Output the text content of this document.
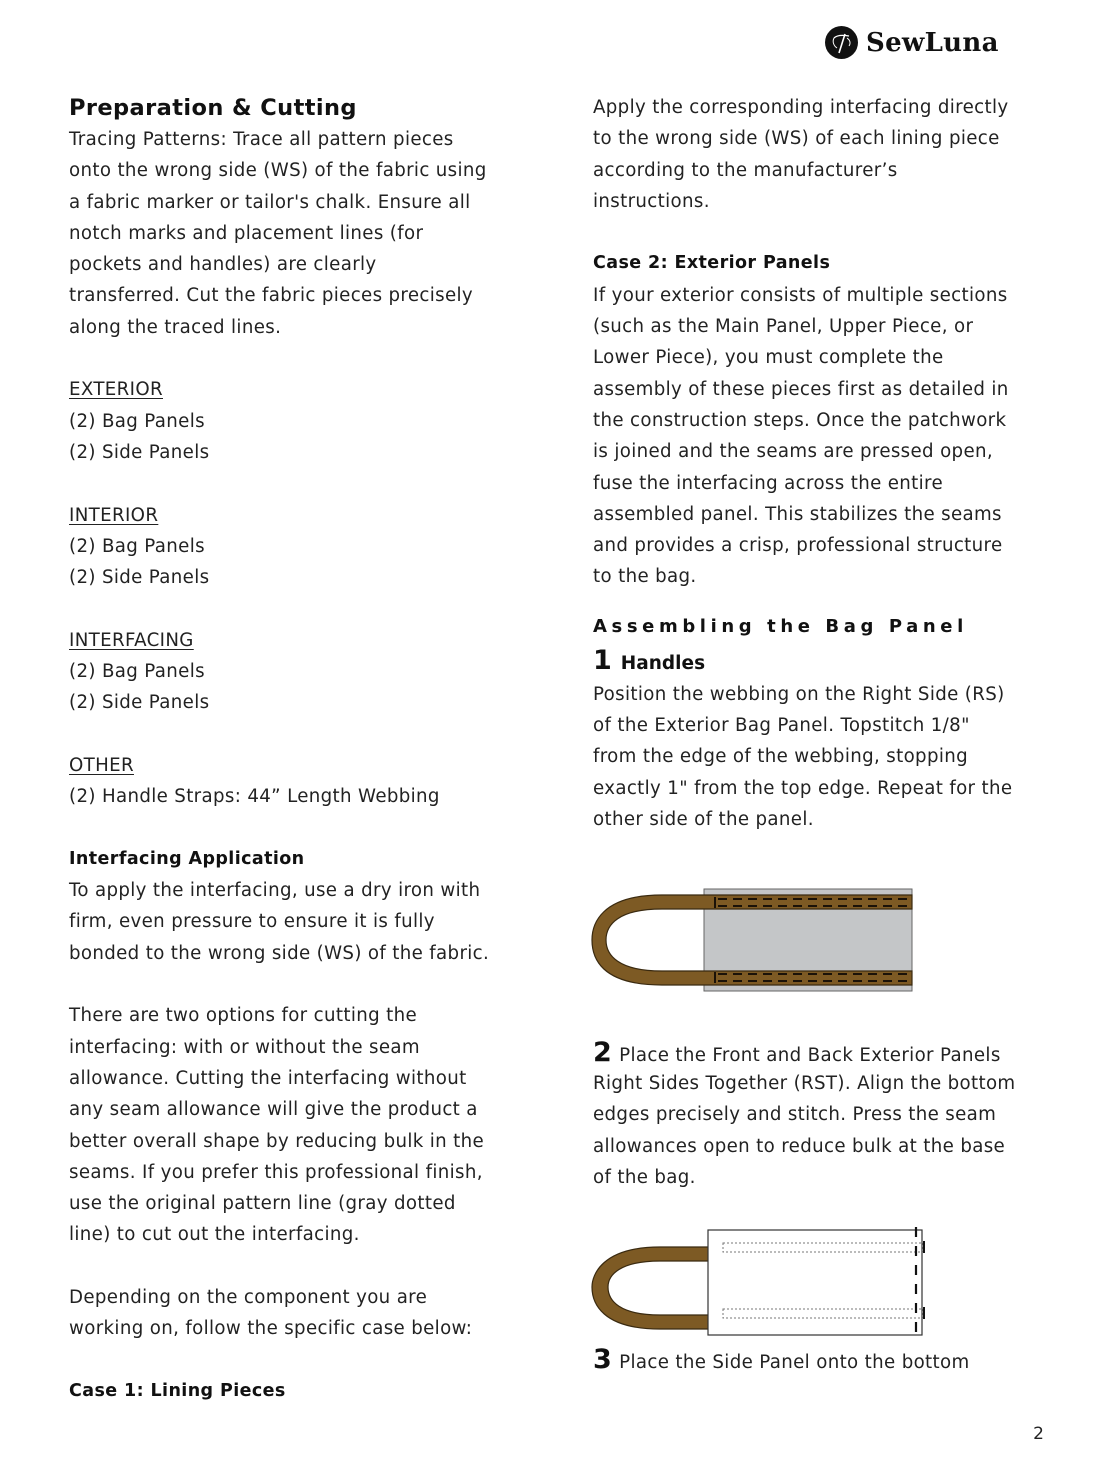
SewLuna
Preparation & Cutting
Tracing Patterns: Trace all pattern pieces
onto the wrong side (WS) of the fabric using
a fabric marker or tailor's chalk. Ensure all
notch marks and placement lines (for
pockets and handles) are clearly
transferred. Cut the fabric pieces precisely
along the traced lines.
EXTERIOR
(2) Bag Panels
(2) Side Panels
INTERIOR
(2) Bag Panels
(2) Side Panels
INTERFACING
(2) Bag Panels
(2) Side Panels
OTHER
(2) Handle Straps: 44” Length Webbing
Interfacing Application
To apply the interfacing, use a dry iron with
firm, even pressure to ensure it is fully
bonded to the wrong side (WS) of the fabric.
There are two options for cutting the
interfacing: with or without the seam
allowance. Cutting the interfacing without
any seam allowance will give the product a
better overall shape by reducing bulk in the
seams. If you prefer this professional finish,
use the original pattern line (gray dotted
line) to cut out the interfacing.
Depending on the component you are
working on, follow the specific case below:
Case 1: Lining Pieces
Apply the corresponding interfacing directly
to the wrong side (WS) of each lining piece
according to the manufacturer’s
instructions.
Case 2: Exterior Panels
If your exterior consists of multiple sections
(such as the Main Panel, Upper Piece, or
Lower Piece), you must complete the
assembly of these pieces first as detailed in
the construction steps. Once the patchwork
is joined and the seams are pressed open,
fuse the interfacing across the entire
assembled panel. This stabilizes the seams
and provides a crisp, professional structure
to the bag.
Assembling the Bag Panel
1 Handles
Position the webbing on the Right Side (RS)
of the Exterior Bag Panel. Topstitch 1/8"
from the edge of the webbing, stopping
exactly 1" from the top edge. Repeat for the
other side of the panel.
2 Place the Front and Back Exterior Panels
Right Sides Together (RST). Align the bottom
edges precisely and stitch. Press the seam
allowances open to reduce bulk at the base
of the bag.
3 Place the Side Panel onto the bottom
2
